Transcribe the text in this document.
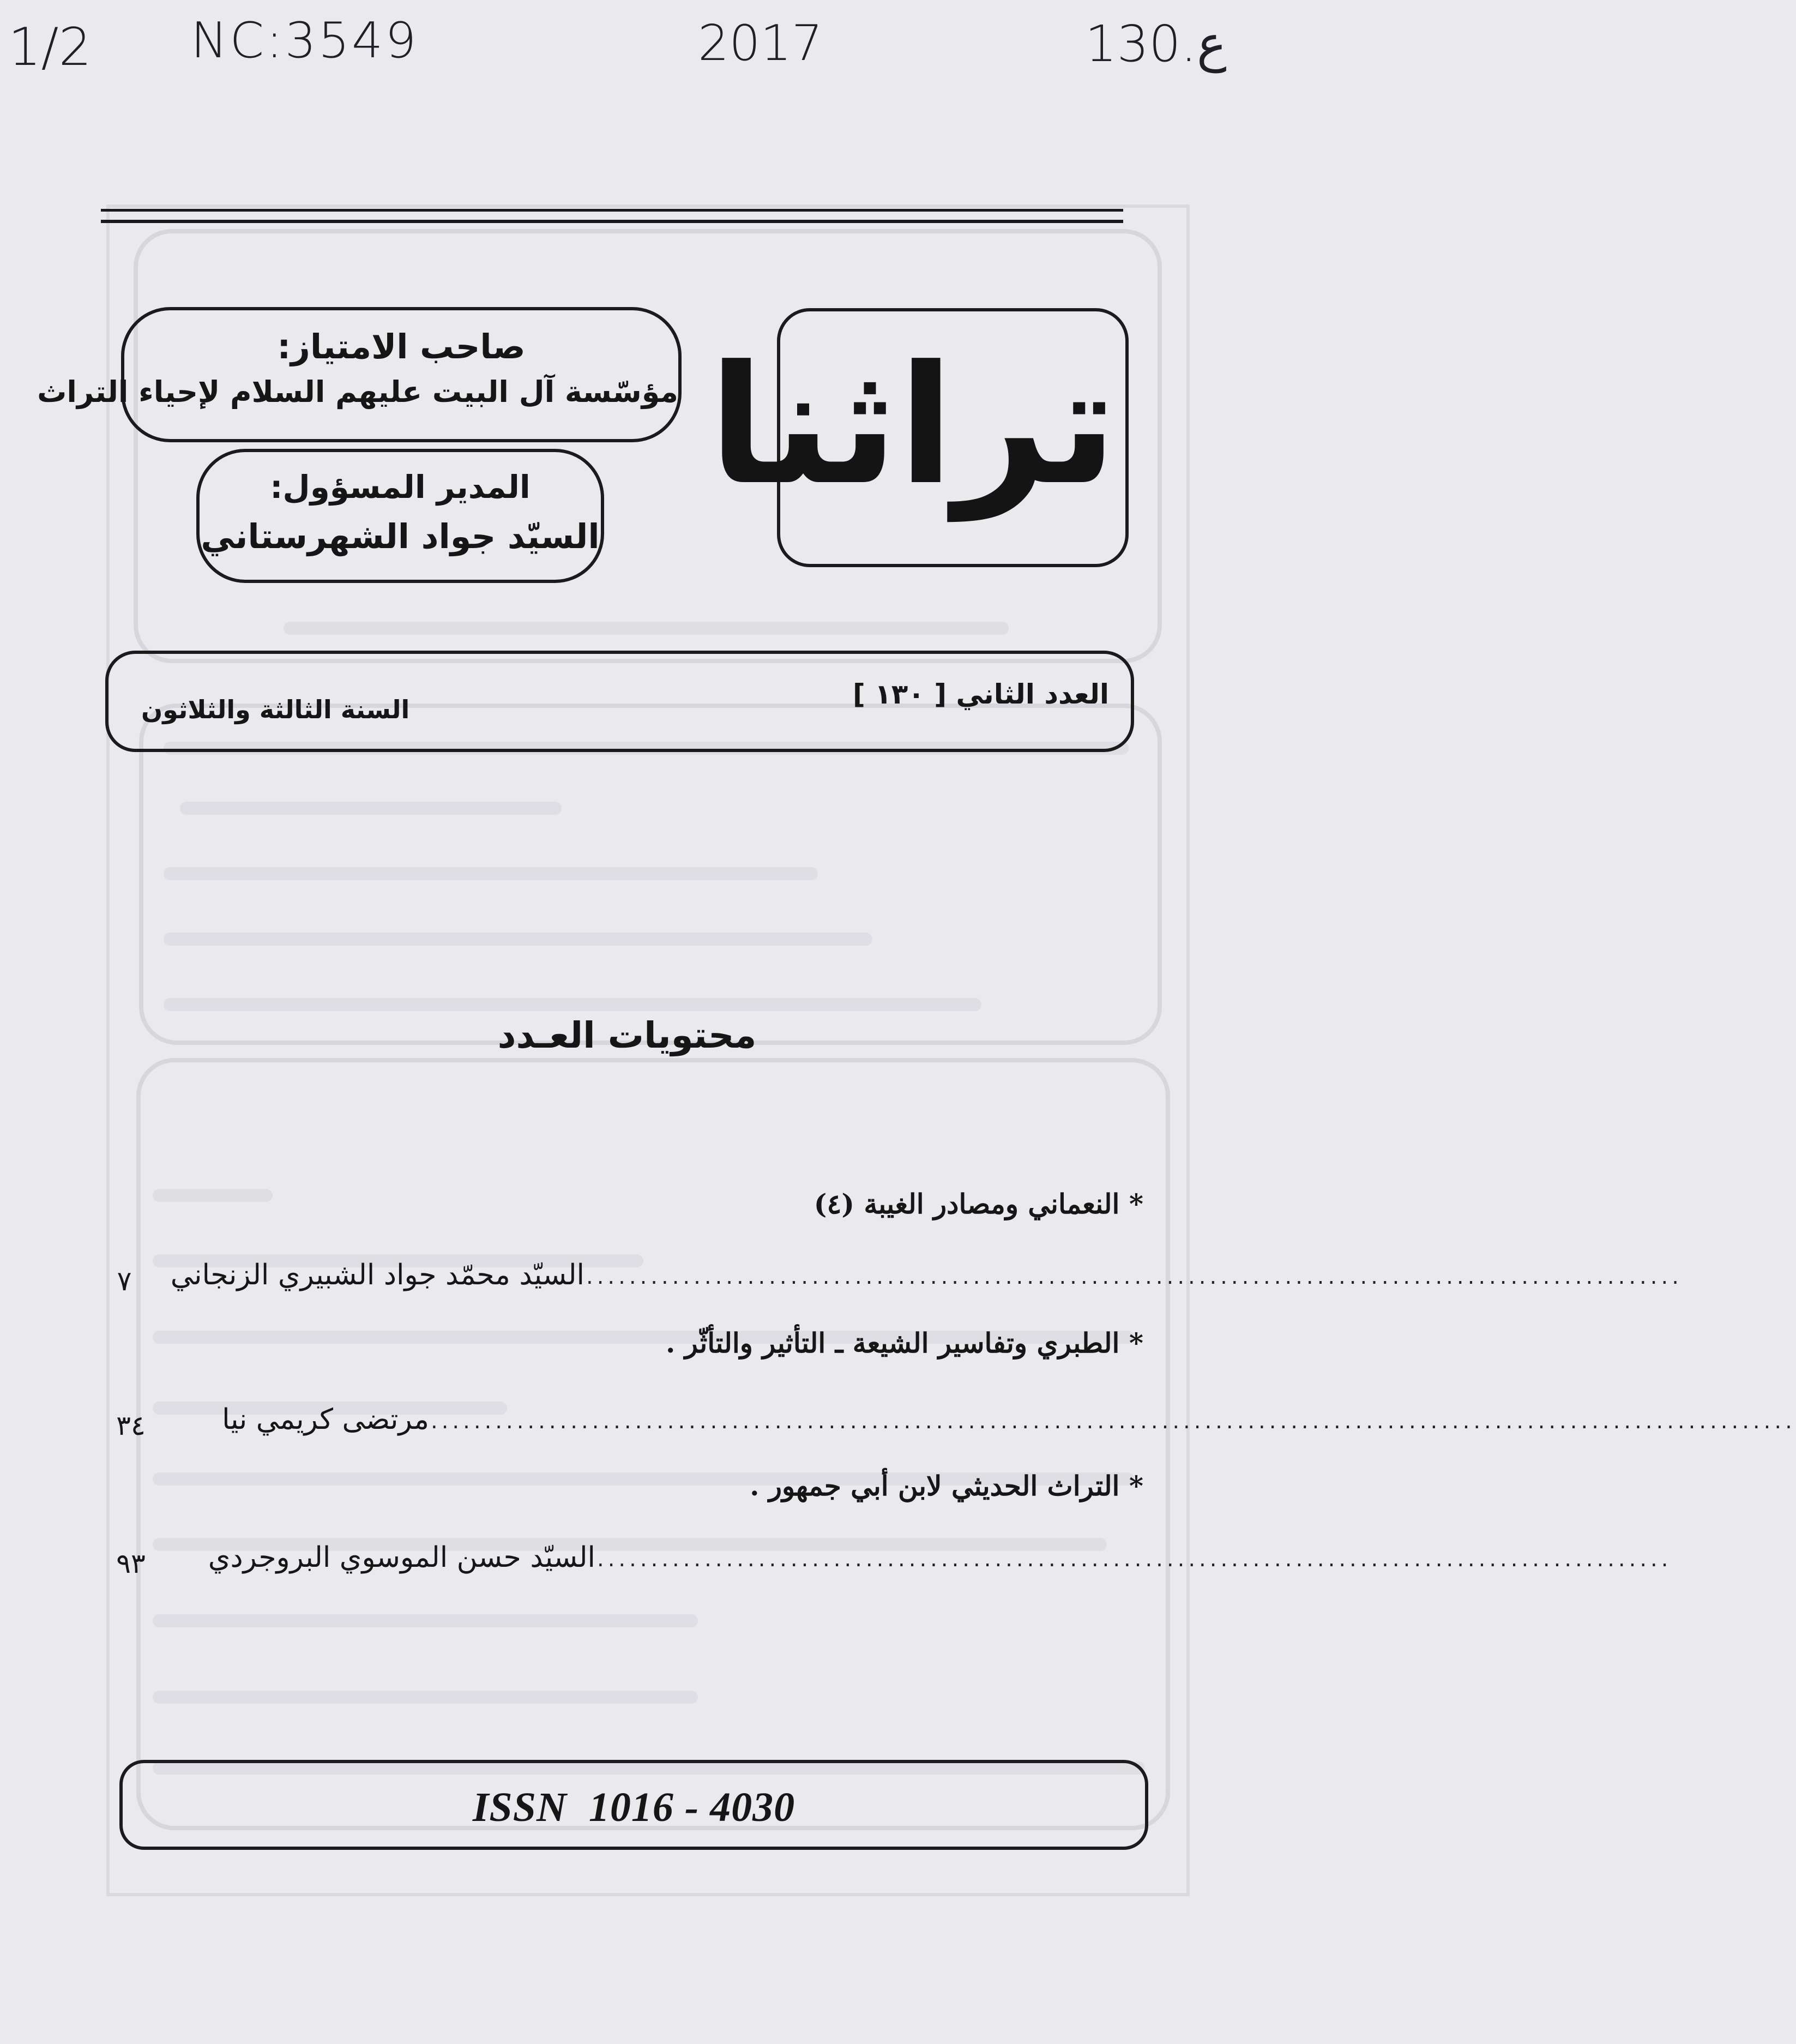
1/2 NC:3549	2017	130.ع
تراثنا
صاحب الامتياز:
مؤسّسة آل البيت عليهم السلام لإحياء التراث
المدير المسؤول:
السيّد جواد الشهرستاني
العدد الثاني [ ١٣٠ ]
السنة الثالثة والثلاثون
محتويات العـدد
* النعماني ومصادر الغيبة (٤)
٧ السيّد محمّد جواد الشبيري الزنجاني ......................................................................................................
* الطبري وتفاسير الشيعة ـ التأثير والتأثّر .
٣٤	مرتضى كريمي نيا ...............................................................................................................................
* التراث الحديثي لابن أبي جمهور .
٩٣ السيّد حسن الموسوي البروجردي ....................................................................................................
ISSN  1016 - 4030
